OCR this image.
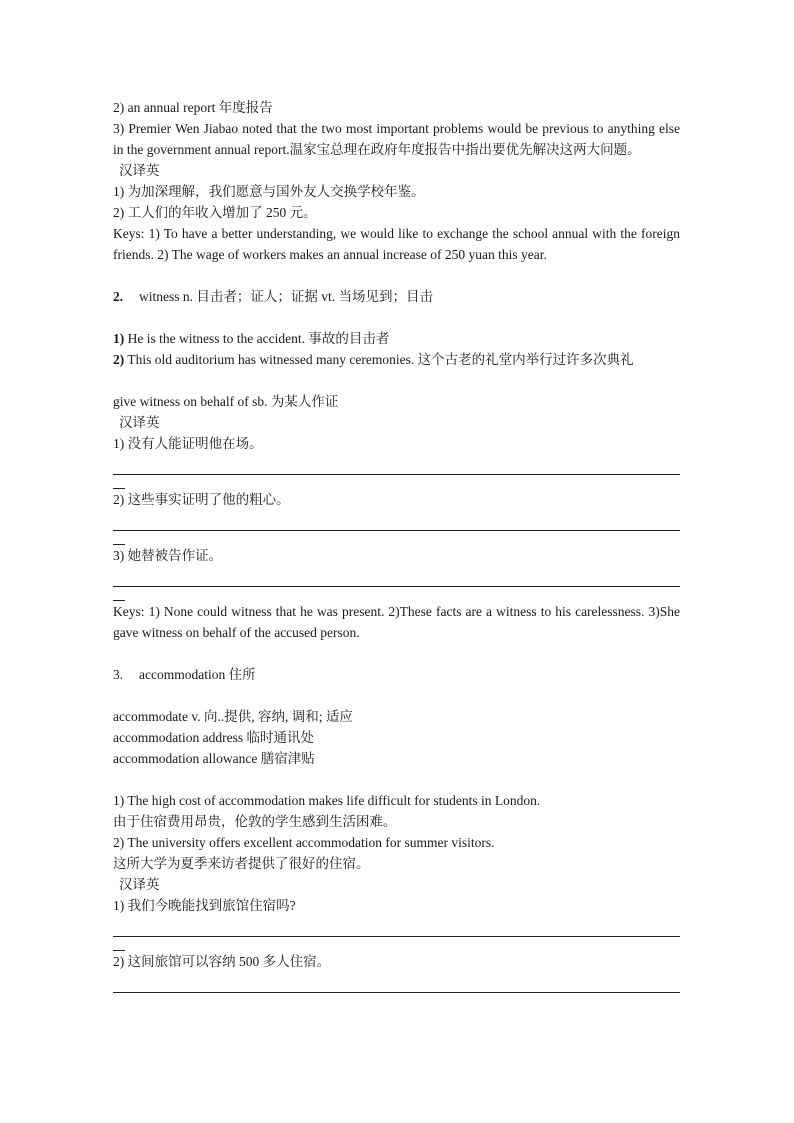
2) an annual report 年度报告
3) Premier Wen Jiabao noted that the two most important problems would be previous to anything else in the government annual report.温家宝总理在政府年度报告中指出要优先解决这两大问题。
汉译英
1) 为加深理解，我们愿意与国外友人交换学校年鉴。
2) 工人们的年收入增加了 250 元。
Keys: 1) To have a better understanding, we would like to exchange the school annual with the foreign friends. 2) The wage of workers makes an annual increase of 250 yuan this year.
2. witness n. 目击者；证人；证据 vt. 当场见到；目击
1) He is the witness to the accident. 事故的目击者
2) This old auditorium has witnessed many ceremonies. 这个古老的礼堂内举行过许多次典礼
give witness on behalf of sb. 为某人作证
汉译英
1) 没有人能证明他在场。
2) 这些事实证明了他的粗心。
3) 她替被告作证。
Keys: 1) None could witness that he was present. 2)These facts are a witness to his carelessness. 3)She gave witness on behalf of the accused person.
3. accommodation 住所
accommodate v. 向..提供, 容纳, 调和; 适应
accommodation address 临时通讯处
accommodation allowance 膳宿津贴
1) The high cost of accommodation makes life difficult for students in London.
由于住宿费用昂贵，伦敦的学生感到生活困难。
2) The university offers excellent accommodation for summer visitors.
这所大学为夏季来访者提供了很好的住宿。
汉译英
1) 我们今晚能找到旅馆住宿吗?
2) 这间旅馆可以容纳 500 多人住宿。
